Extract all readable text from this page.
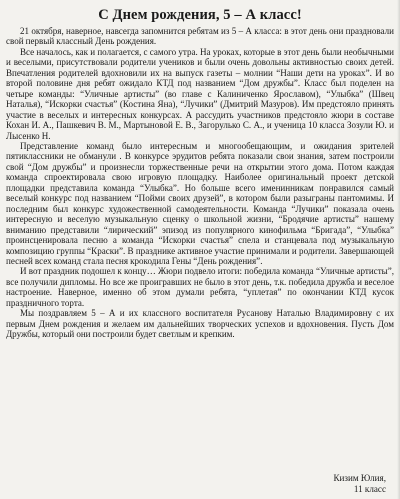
С Днем рождения, 5 – А класс!

21 октября, наверное, навсегда запомнится ребятам из 5 – А класса: в этот день они праздновали свой первый классный День рождения.

Все началось, как и полагается, с самого утра. На уроках, которые в этот день были необычными и веселыми, присутствовали родители учеников и были очень довольны активностью своих детей. Впечатления родителей вдохновили их на выпуск газеты – молнии “Наши дети на уроках”. И во второй половине дня ребят ожидало КТД под названием “Дом дружбы”. Класс был поделен на четыре команды: “Уличные артисты” (во главе с Калиниченко Ярославом), “Улыбка” (Швец Наталья), “Искорки счастья” (Костина Яна), “Лучики” (Дмитрий Мазуров). Им предстояло принять участие в веселых и интересных конкурсах. А рассудить участников предстояло жюри в составе Кохан И. А., Пашкевич В. М., Мартыновой Е. В., Загорулько С. А., и ученица 10 класса Зозули Ю. и Лысенко Н.

Представление команд было интересным и многообещающим, и ожидания зрителей пятиклассники не обманули . В конкурсе эрудитов ребята показали свои знания, затем построили свой “Дом дружбы” и произнесли торжественные речи на открытии этого дома. Потом каждая команда спроектировала свою игровую площадку. Наиболее оригинальный проект детской площадки представила команда “Улыбка”. Но больше всего именинникам понравился самый веселый конкурс под названием “Пойми своих друзей”, в котором были разыграны пантомимы. И последним был конкурс художественной самодеятельности. Команда “Лучики” показала очень интересную и веселую музыкальную сценку о школьной жизни, “Бродячие артисты” нашему вниманию представили “лирический” эпизод из популярного кинофильма “Бригада”, “Улыбка” проинсценировала песню а команда “Искорки счастья” спела и станцевала под музыкальную композицию группы “Краски”. В празднике активное участие принимали и родители. Завершающей песней всех команд стала песня крокодила Гены “День рождения”.

И вот праздник подошел к концу… Жюри подвело итоги: победила команда “Уличные артисты”, все получили дипломы. Но все же проигравших не было в этот день, т.к. победила дружба и веселое настроение. Наверное, именно об этом думали ребята, “уплетая” по окончании КТД кусок праздничного торта.

Мы поздравляем 5 – А и их классного воспитателя Русанову Наталью Владимировну с их первым Днем рождения и желаем им дальнейших творческих успехов и вдохновения. Пусть Дом Дружбы, который они построили будет светлым и крепким.

Кизим Юлия,
11 класс
